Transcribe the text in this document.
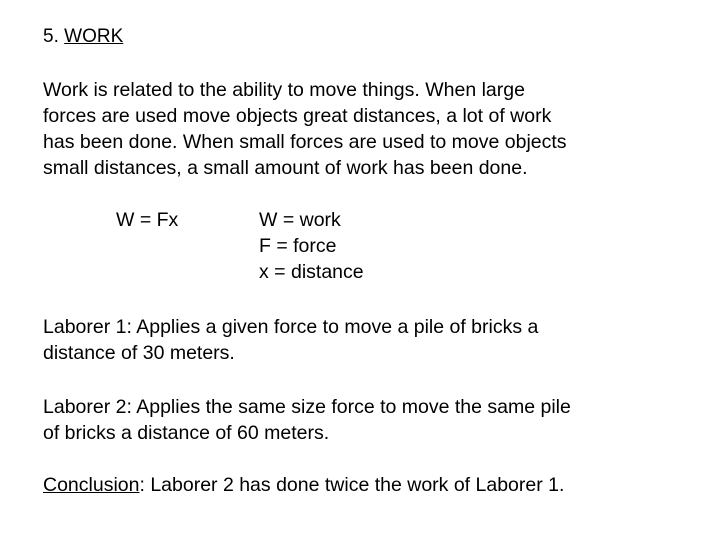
5. WORK
Work is related to the ability to move things. When large
forces are used move objects great distances, a lot of work
has been done. When small forces are used to move objects
small distances, a small amount of work has been done.
W = Fx	W = work
F = force
x = distance
Laborer 1: Applies a given force to move a pile of bricks a
distance of 30 meters.
Laborer 2: Applies the same size force to move the same pile
of bricks a distance of 60 meters.
Conclusion: Laborer 2 has done twice the work of Laborer 1.
